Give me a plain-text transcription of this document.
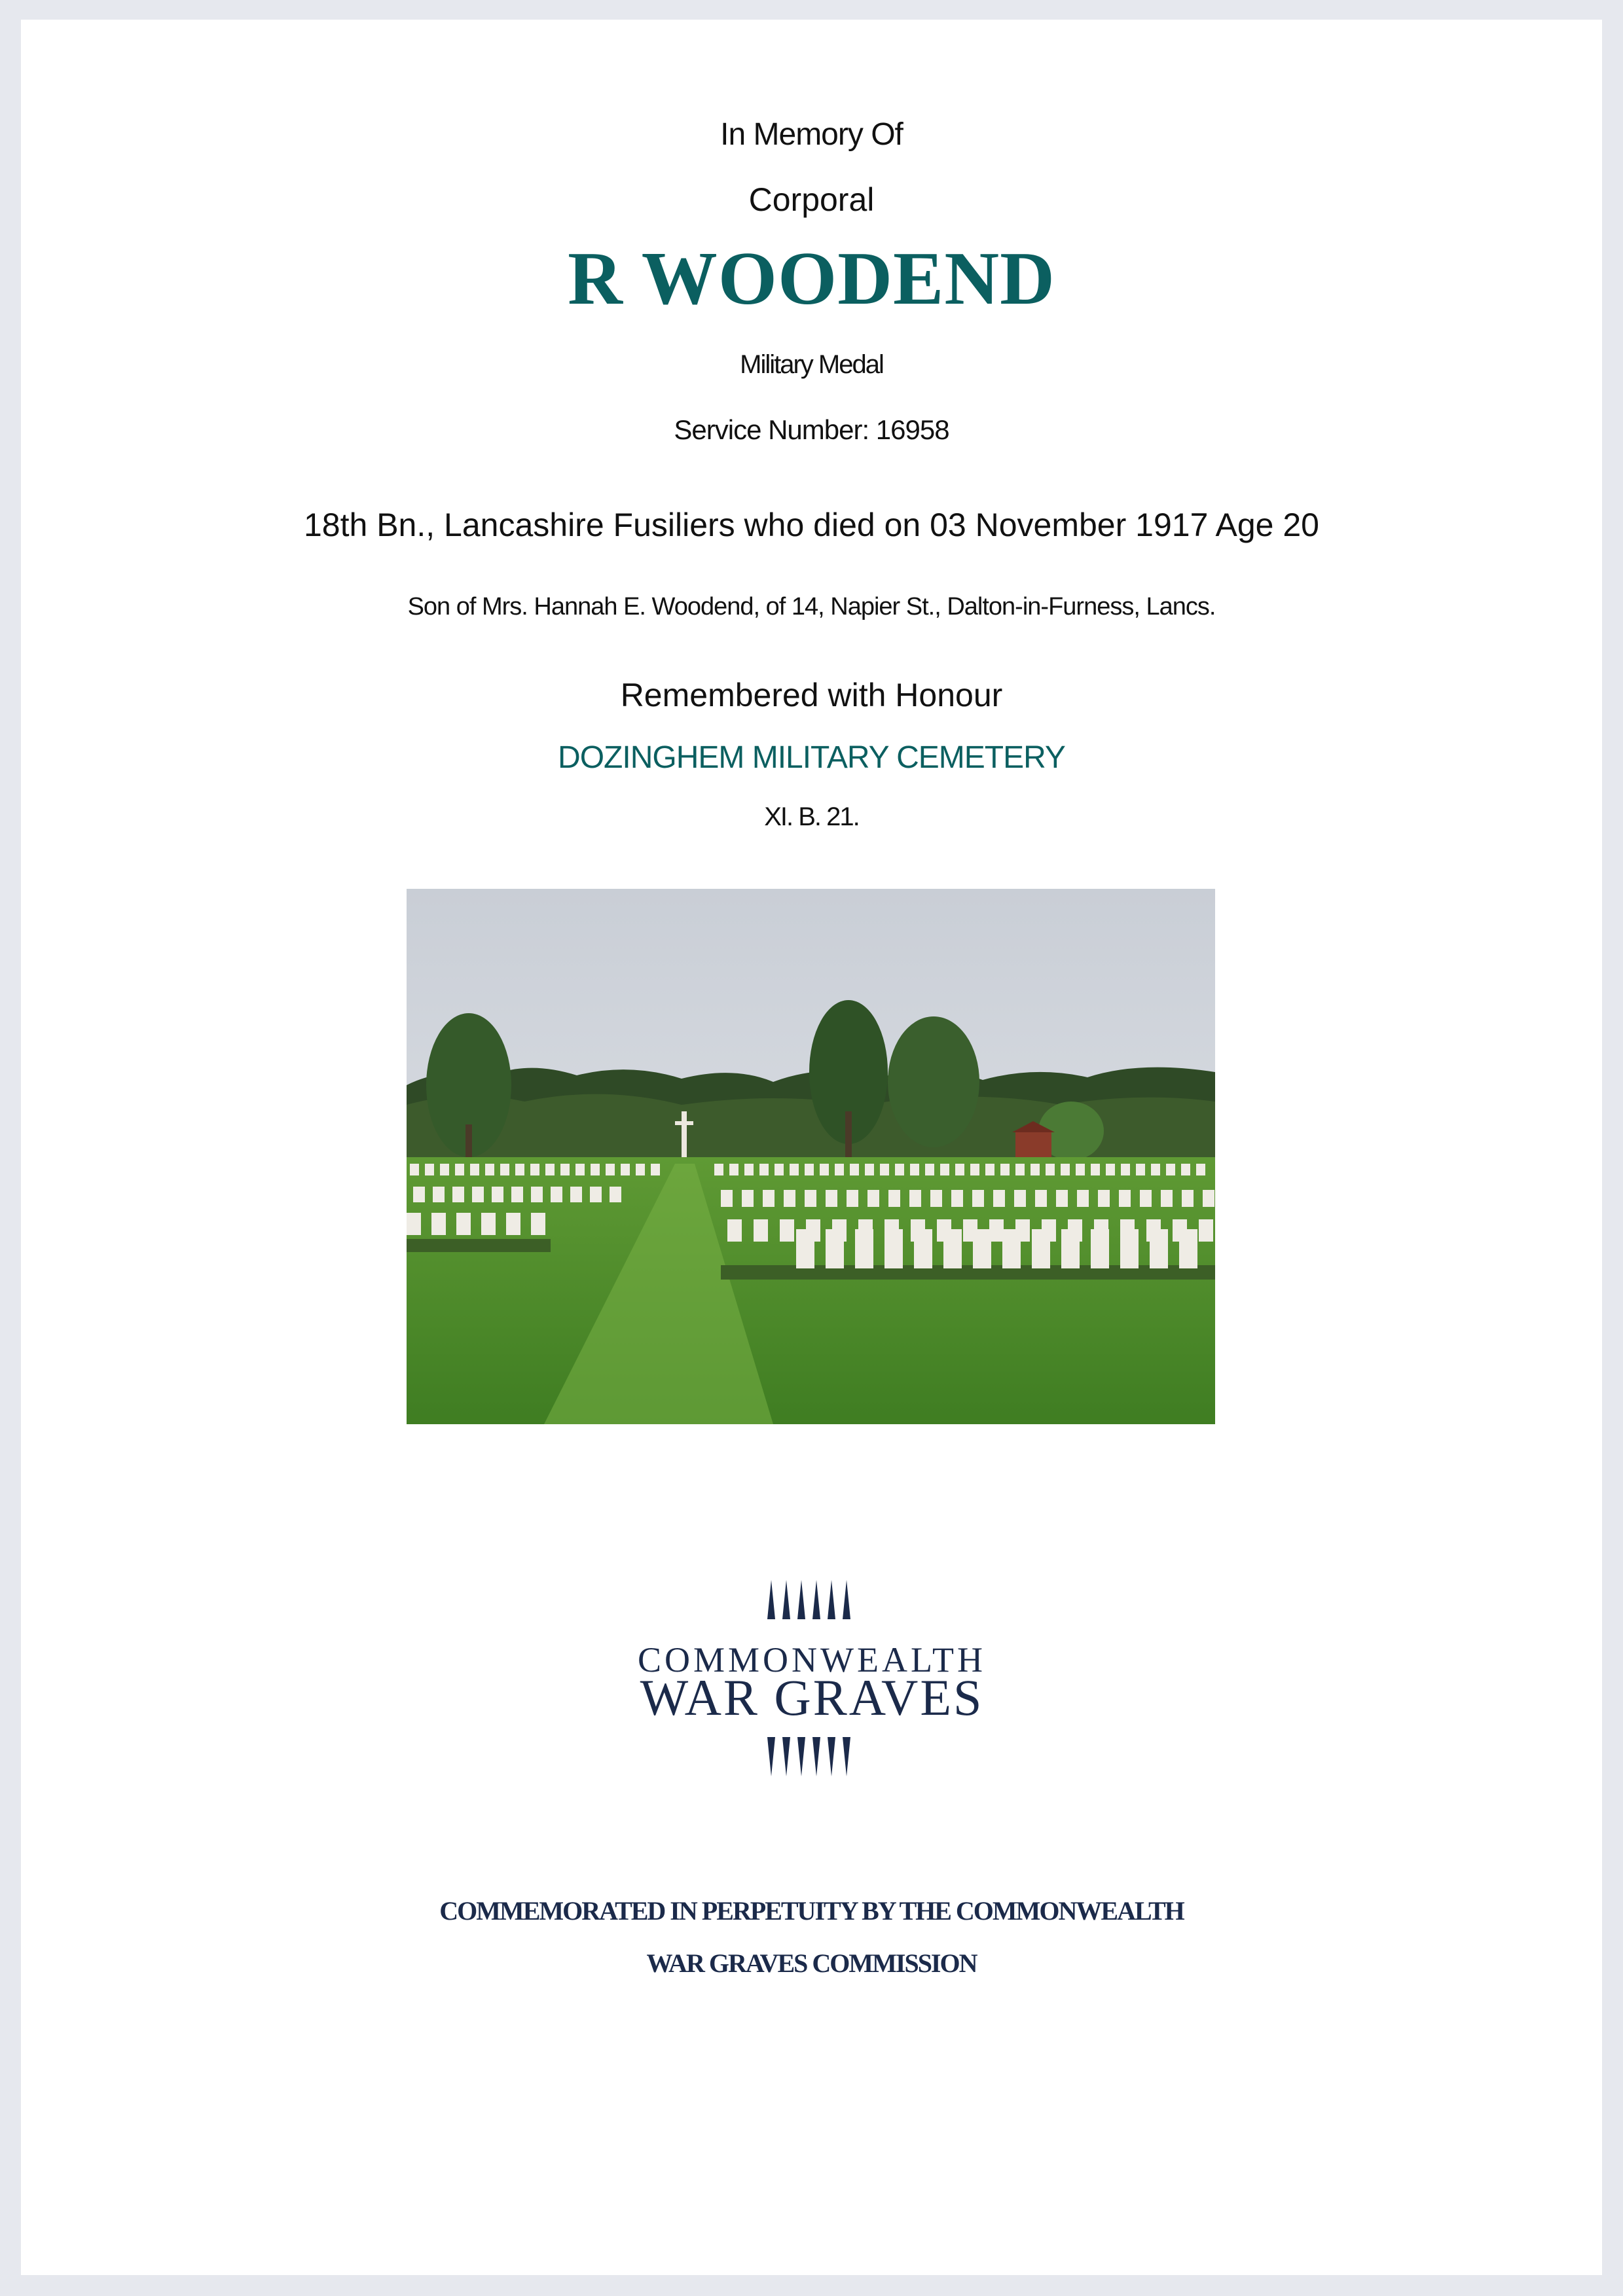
In Memory Of
Corporal
R WOODEND
Military Medal
Service Number: 16958
18th Bn., Lancashire Fusiliers who died on 03 November 1917 Age 20
Son of Mrs. Hannah E. Woodend, of 14, Napier St., Dalton-in-Furness, Lancs.
Remembered with Honour
DOZINGHEM MILITARY CEMETERY
XI. B. 21.
COMMONWEALTH
WAR GRAVES
COMMEMORATED IN PERPETUITY BY THE COMMONWEALTH
WAR GRAVES COMMISSION
